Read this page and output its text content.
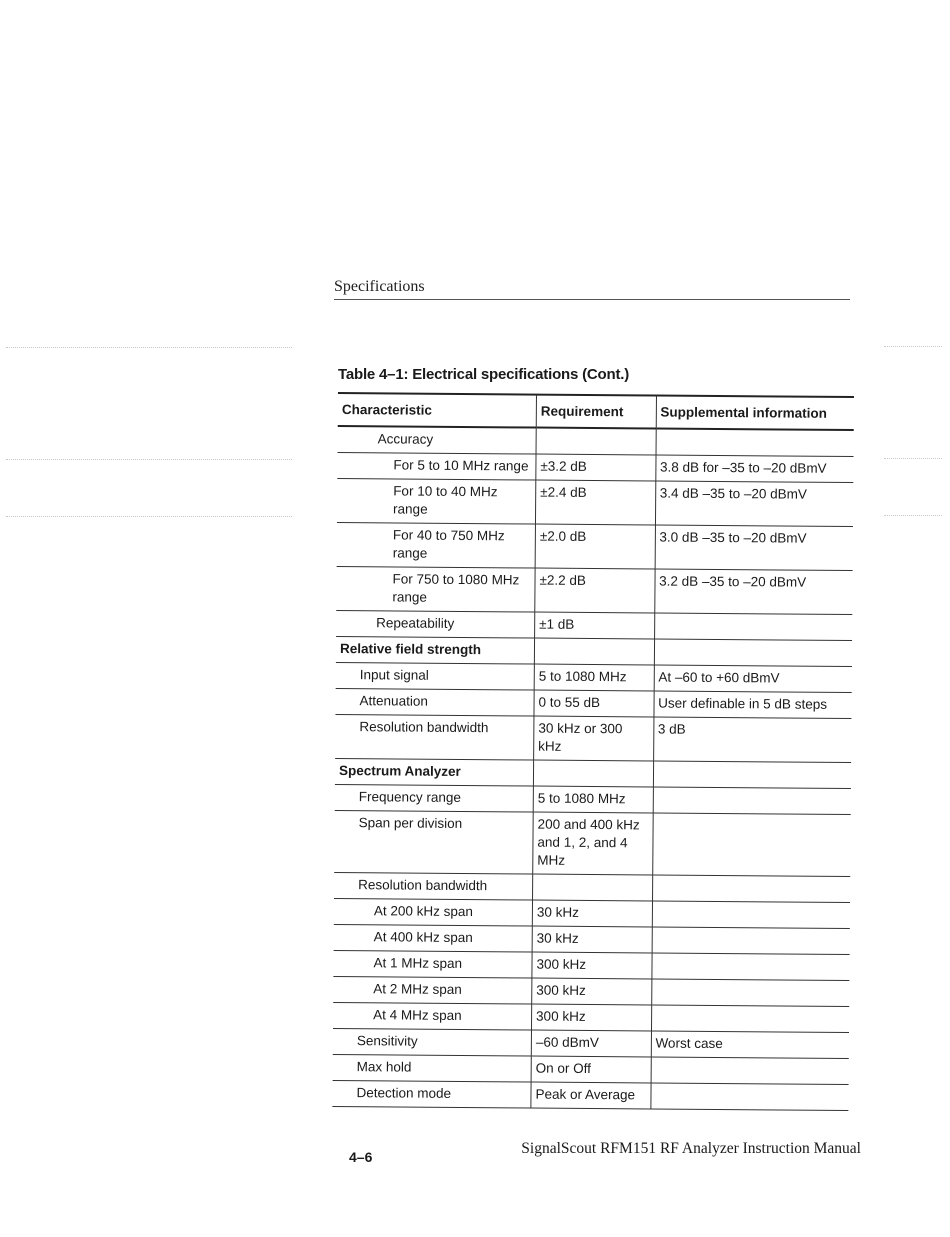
Specifications
Table 4–1: Electrical specifications (Cont.)
Characteristic	Requirement	Supplemental information
Accuracy		
For 5 to 10 MHz range	±3.2 dB	3.8 dB for –35 to –20 dBmV
For 10 to 40 MHz range	±2.4 dB	3.4 dB –35 to –20 dBmV
For 40 to 750 MHz range	±2.0 dB	3.0 dB –35 to –20 dBmV
For 750 to 1080 MHz range	±2.2 dB	3.2 dB –35 to –20 dBmV
Repeatability	±1 dB	
Relative field strength		
Input signal	5 to 1080 MHz	At –60 to +60 dBmV
Attenuation	0 to 55 dB	User definable in 5 dB steps
Resolution bandwidth	30 kHz or 300 kHz	3 dB
Spectrum Analyzer		
Frequency range	5 to 1080 MHz	
Span per division	200 and 400 kHz and 1, 2, and 4 MHz	
Resolution bandwidth		
At 200 kHz span	30 kHz	
At 400 kHz span	30 kHz	
At 1 MHz span	300 kHz	
At 2 MHz span	300 kHz	
At 4 MHz span	300 kHz	
Sensitivity	–60 dBmV	Worst case
Max hold	On or Off	
Detection mode	Peak or Average	
4–6	SignalScout RFM151 RF Analyzer Instruction Manual
